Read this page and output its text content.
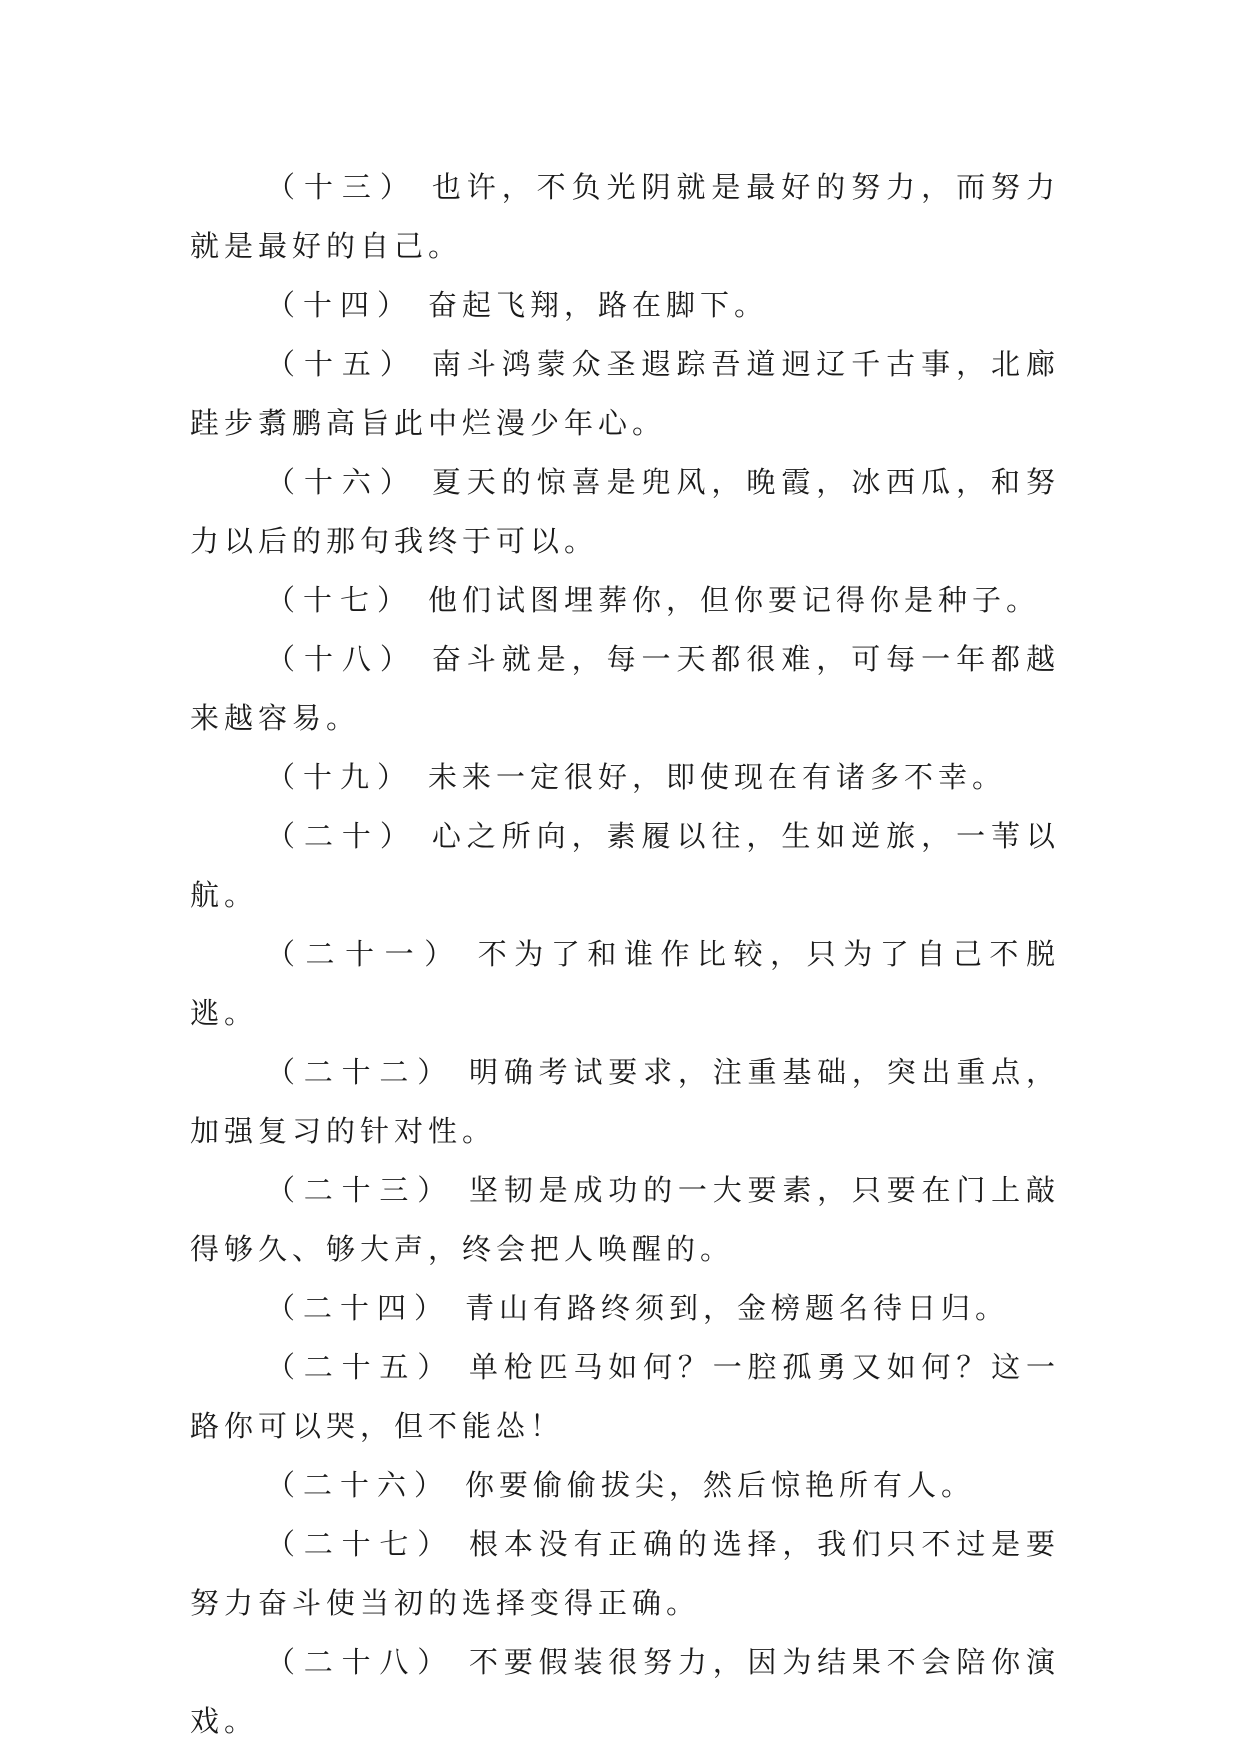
（十三） 也许，不负光阴就是最好的努力，而努力就是最好的自己。

（十四） 奋起飞翔，路在脚下。

（十五） 南斗鸿蒙众圣遐踪吾道迥辽千古事，北廊跬步翥鹏高旨此中烂漫少年心。

（十六） 夏天的惊喜是兜风，晚霞，冰西瓜，和努力以后的那句我终于可以。

（十七） 他们试图埋葬你，但你要记得你是种子。

（十八） 奋斗就是，每一天都很难，可每一年都越来越容易。

（十九） 未来一定很好，即使现在有诸多不幸。

（二十） 心之所向，素履以往，生如逆旅，一苇以航。

（二十一） 不为了和谁作比较，只为了自己不脱逃。

（二十二） 明确考试要求，注重基础，突出重点，加强复习的针对性。

（二十三） 坚韧是成功的一大要素，只要在门上敲得够久、够大声，终会把人唤醒的。

（二十四） 青山有路终须到，金榜题名待日归。

（二十五） 单枪匹马如何？一腔孤勇又如何？这一路你可以哭，但不能怂！

（二十六） 你要偷偷拔尖，然后惊艳所有人。

（二十七） 根本没有正确的选择，我们只不过是要努力奋斗使当初的选择变得正确。

（二十八） 不要假装很努力，因为结果不会陪你演戏。
